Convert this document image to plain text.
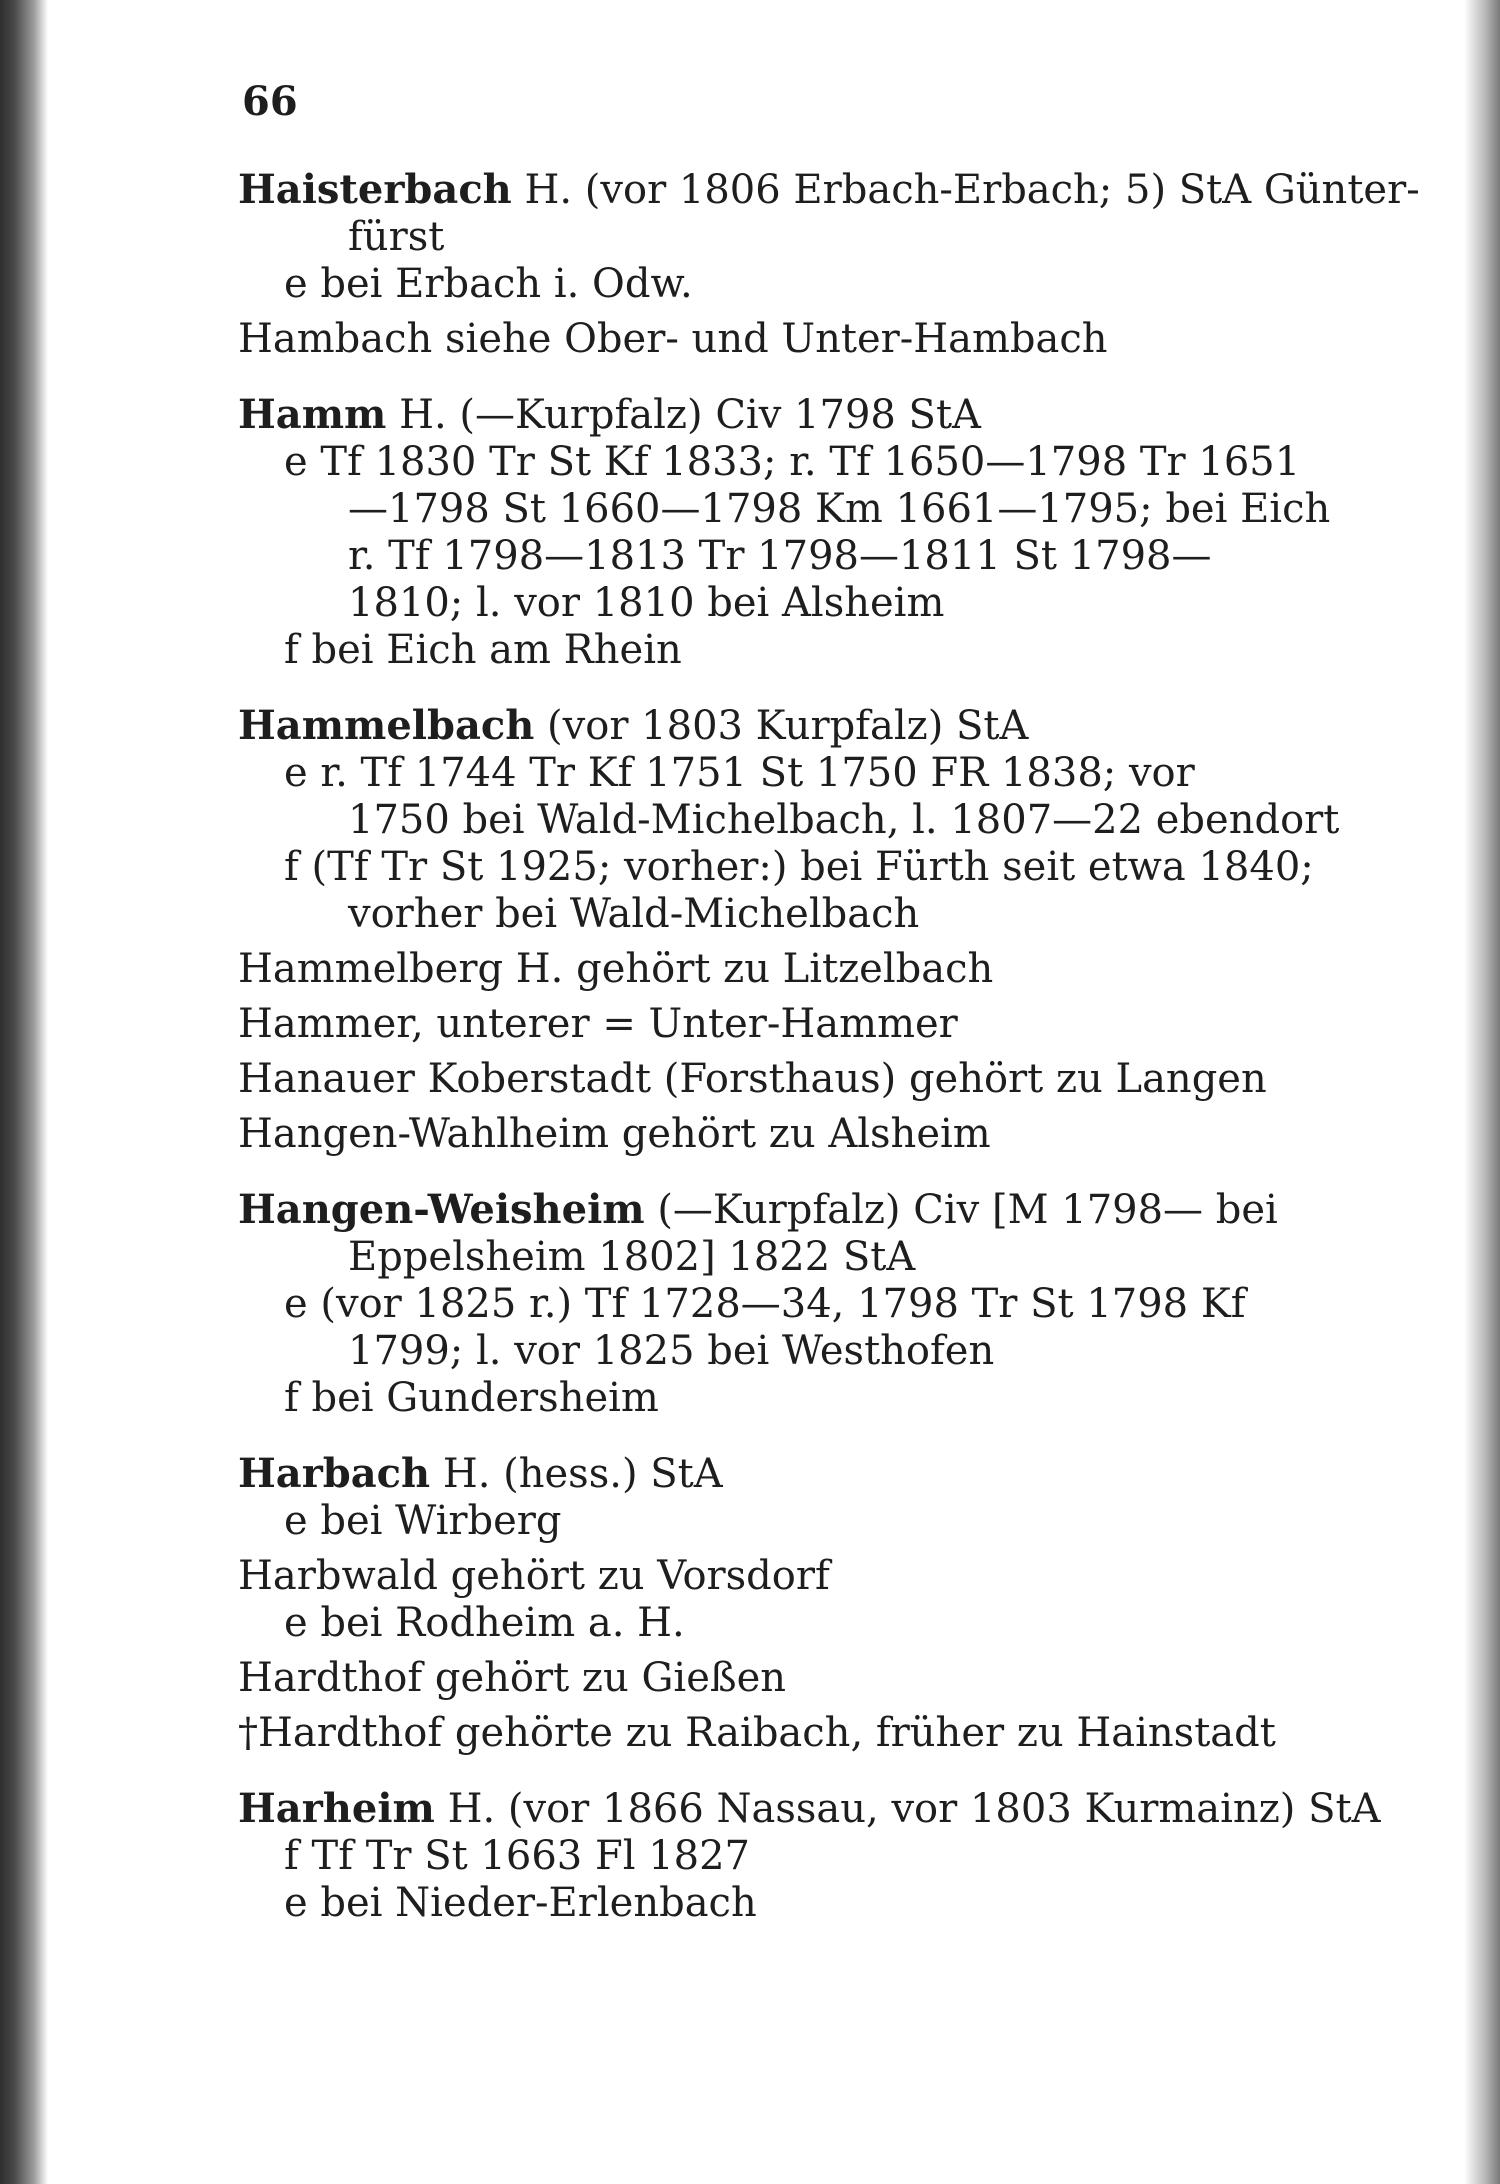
66
Haisterbach H. (vor 1806 Erbach-Erbach; 5) StA Günter-
fürst
e bei Erbach i. Odw.
Hambach siehe Ober- und Unter-Hambach
Hamm H. (—Kurpfalz) Civ 1798 StA
e Tf 1830 Tr St Kf 1833; r. Tf 1650—1798 Tr 1651
—1798 St 1660—1798 Km 1661—1795; bei Eich
r. Tf 1798—1813 Tr 1798—1811 St 1798—
1810; l. vor 1810 bei Alsheim
f bei Eich am Rhein
Hammelbach (vor 1803 Kurpfalz) StA
e r. Tf 1744 Tr Kf 1751 St 1750 FR 1838; vor
1750 bei Wald-Michelbach, l. 1807—22 ebendort
f (Tf Tr St 1925; vorher:) bei Fürth seit etwa 1840;
vorher bei Wald-Michelbach
Hammelberg H. gehört zu Litzelbach
Hammer, unterer = Unter-Hammer
Hanauer Koberstadt (Forsthaus) gehört zu Langen
Hangen-Wahlheim gehört zu Alsheim
Hangen-Weisheim (—Kurpfalz) Civ [M 1798— bei
Eppelsheim 1802] 1822 StA
e (vor 1825 r.) Tf 1728—34, 1798 Tr St 1798 Kf
1799; l. vor 1825 bei Westhofen
f bei Gundersheim
Harbach H. (hess.) StA
e bei Wirberg
Harbwald gehört zu Vorsdorf
e bei Rodheim a. H.
Hardthof gehört zu Gießen
†Hardthof gehörte zu Raibach, früher zu Hainstadt
Harheim H. (vor 1866 Nassau, vor 1803 Kurmainz) StA
f Tf Tr St 1663 Fl 1827
e bei Nieder-Erlenbach
